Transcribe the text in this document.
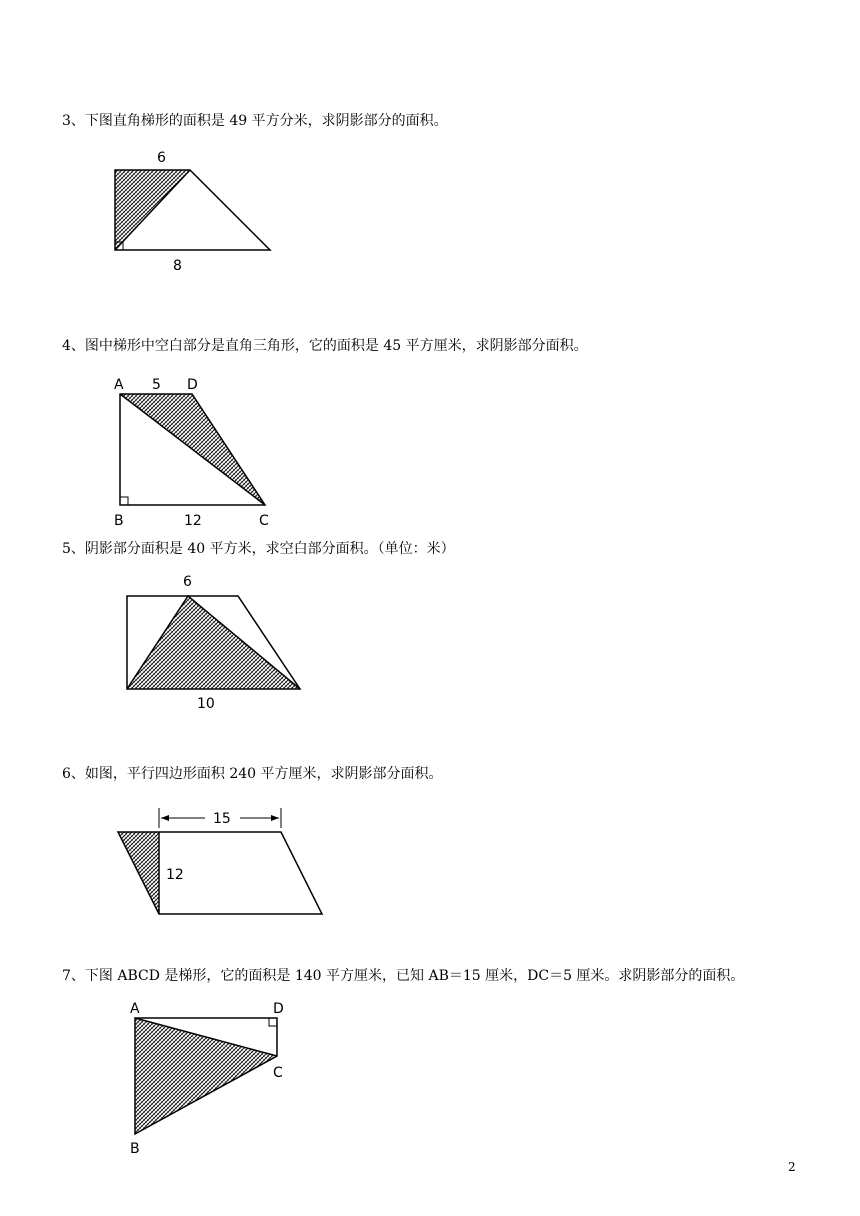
3、下图直角梯形的面积是 49 平方分米，求阴影部分的面积。
4、图中梯形中空白部分是直角三角形，它的面积是 45 平方厘米，求阴影部分面积。
5、阴影部分面积是 40 平方米，求空白部分面积。（单位：米）
6、如图，平行四边形面积 240 平方厘米，求阴影部分面积。
7、下图 ABCD 是梯形，它的面积是 140 平方厘米，已知 AB＝15 厘米，DC＝5 厘米。求阴影部分的面积。
6
8
A 5 D
B	12	C
6
10
15
12
A	D
C
B
2
